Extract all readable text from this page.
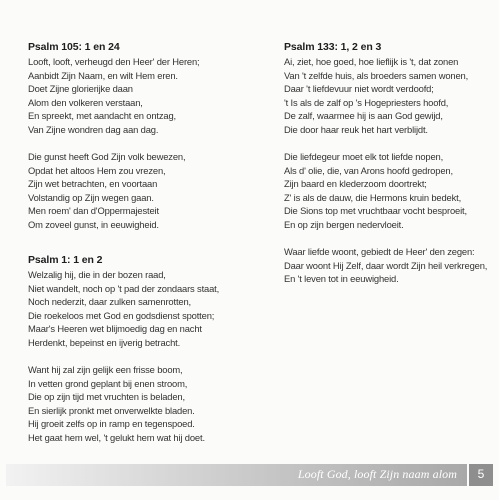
Psalm 105: 1 en 24
Looft, looft, verheugd den Heer' der Heren;
Aanbidt Zijn Naam, en wilt Hem eren.
Doet Zijne glorierijke daan
Alom den volkeren verstaan,
En spreekt, met aandacht en ontzag,
Van Zijne wondren dag aan dag.
Die gunst heeft God Zijn volk bewezen,
Opdat het altoos Hem zou vrezen,
Zijn wet betrachten, en voortaan
Volstandig op Zijn wegen gaan.
Men roem' dan d'Oppermajesteit
Om zoveel gunst, in eeuwigheid.
Psalm 1: 1 en 2
Welzalig hij, die in der bozen raad,
Niet wandelt, noch op 't pad der zondaars staat,
Noch nederzit, daar zulken samenrotten,
Die roekeloos met God en godsdienst spotten;
Maar's Heeren wet blijmoedig dag en nacht
Herdenkt, bepeinst en ijverig betracht.
Want hij zal zijn gelijk een frisse boom,
In vetten grond geplant bij enen stroom,
Die op zijn tijd met vruchten is beladen,
En sierlijk pronkt met onverwelkte bladen.
Hij groeit zelfs op in ramp en tegenspoed.
Het gaat hem wel, 't gelukt hem wat hij doet.
Psalm 133: 1, 2 en 3
Ai, ziet, hoe goed, hoe lieflijk is 't, dat zonen
Van 't zelfde huis, als broeders samen wonen,
Daar 't liefdevuur niet wordt verdoofd;
't Is als de zalf op 's Hogepriesters hoofd,
De zalf, waarmee hij is aan God gewijd,
Die door haar reuk het hart verblijdt.
Die liefdegeur moet elk tot liefde nopen,
Als d' olie, die, van Arons hoofd gedropen,
Zijn baard en klederzoom doortrekt;
Z' is als de dauw, die Hermons kruin bedekt,
Die Sions top met vruchtbaar vocht besproeit,
En op zijn bergen nedervloeit.
Waar liefde woont, gebiedt de Heer' den zegen:
Daar woont Hij Zelf, daar wordt Zijn heil verkregen,
En 't leven tot in eeuwigheid.
Looft God, looft Zijn naam alom	5
